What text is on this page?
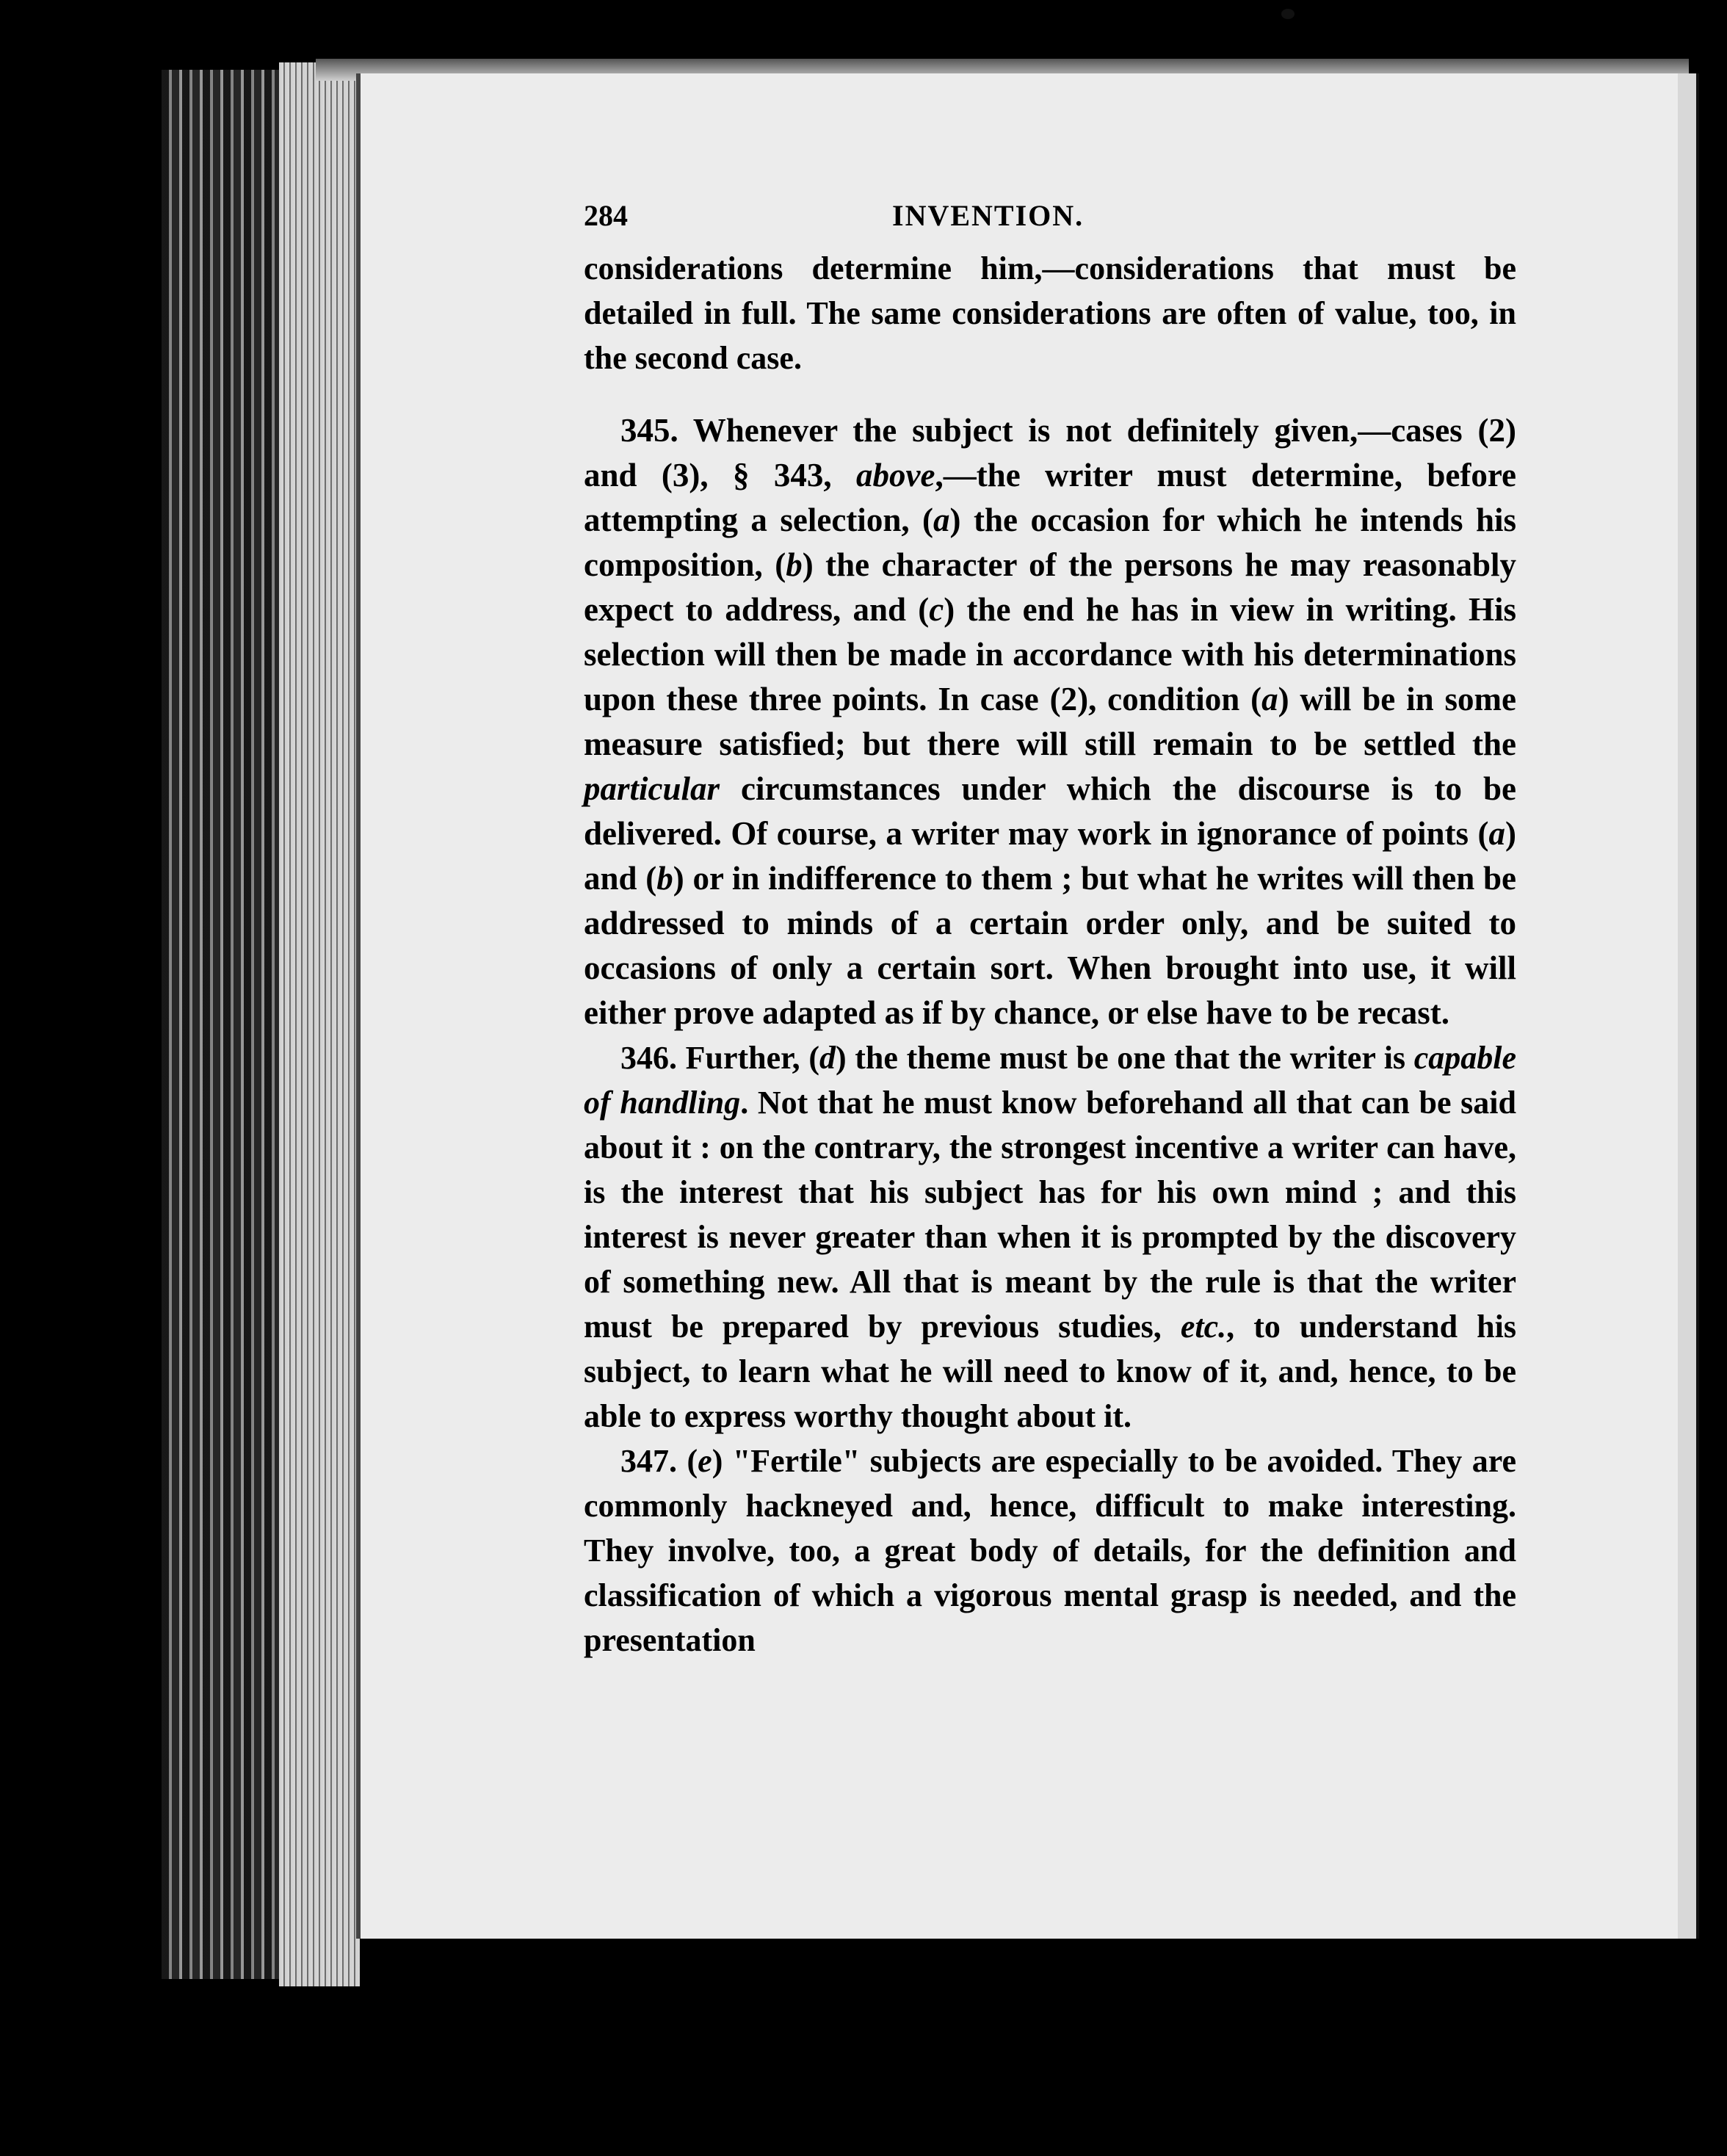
284	INVENTION.

considerations determine him,—considerations that must be detailed in full. The same considerations are often of value, too, in the second case.

345. Whenever the subject is not definitely given,—cases (2) and (3), § 343, above,—the writer must determine, before attempting a selection, (a) the occasion for which he intends his composition, (b) the character of the persons he may reasonably expect to address, and (c) the end he has in view in writing. His selection will then be made in accordance with his determinations upon these three points. In case (2), condition (a) will be in some measure satisfied; but there will still remain to be settled the particular circumstances under which the discourse is to be delivered. Of course, a writer may work in ignorance of points (a) and (b) or in indifference to them ; but what he writes will then be addressed to minds of a certain order only, and be suited to occasions of only a certain sort. When brought into use, it will either prove adapted as if by chance, or else have to be recast.

346. Further, (d) the theme must be one that the writer is capable of handling. Not that he must know beforehand all that can be said about it : on the contrary, the strongest incentive a writer can have, is the interest that his subject has for his own mind ; and this interest is never greater than when it is prompted by the discovery of something new. All that is meant by the rule is that the writer must be prepared by previous studies, etc., to understand his subject, to learn what he will need to know of it, and, hence, to be able to express worthy thought about it.

347. (e) "Fertile" subjects are especially to be avoided. They are commonly hackneyed and, hence, difficult to make interesting. They involve, too, a great body of details, for the definition and classification of which a vigorous mental grasp is needed, and the presentation
